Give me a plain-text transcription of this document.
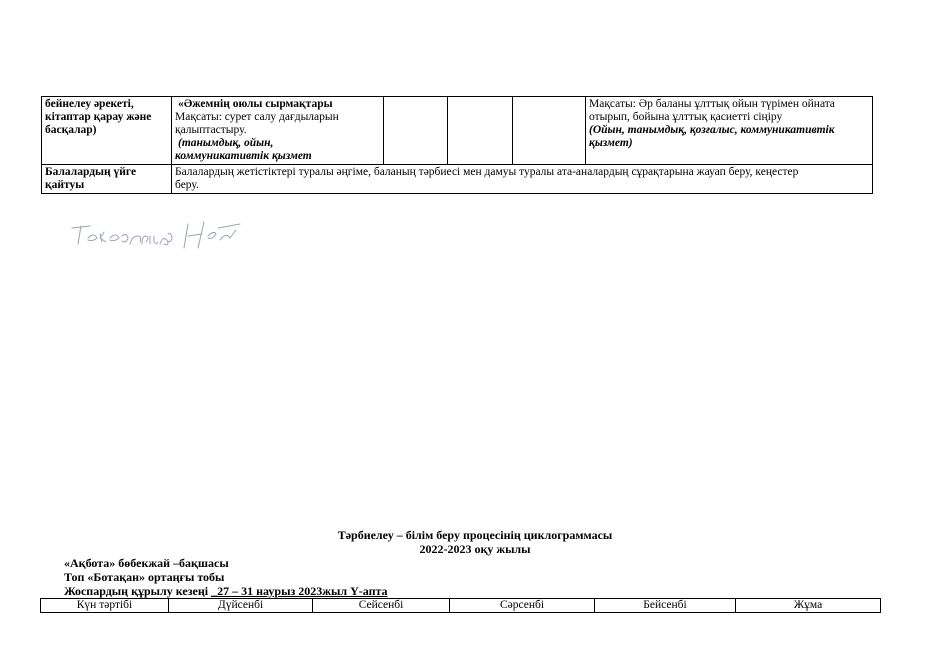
бейнелеу әрекеті,
кітаптар қарау және
басқалар)	«Әжемнің оюлы сырмақтары
Мақсаты: сурет салу дағдыларын
қалыптастыру.
(танымдық, ойын,
коммуникативтік қызмет				Мақсаты: Әр баланы ұлттық ойын түрімен ойнатa
отырып, бойына ұлттық қасиетті сіңіру
(Ойын, танымдық, қозғалыс, коммуникативтік
қызмет)

Балалардың үйге
қайтуы	Балалардың жетістіктері туралы әңгіме, баланың тәрбиесі мен дамуы туралы ата-аналардың сұрақтарына жауап беру, кеңестер
беру.				
Тәрбиелеу – білім беру процесінің циклограммасы
2022-2023 оқу жылы
«Ақбота» бөбекжай –бақшасы
Топ «Ботақан» ортаңғы тобы
Жоспардың құрылу кезеңі _27 – 31 наурыз 2023жыл Ү-апта
Күн тәртібі	Дүйсенбі	Сейсенбі	Сәрсенбі	Бейсенбі	Жұма
